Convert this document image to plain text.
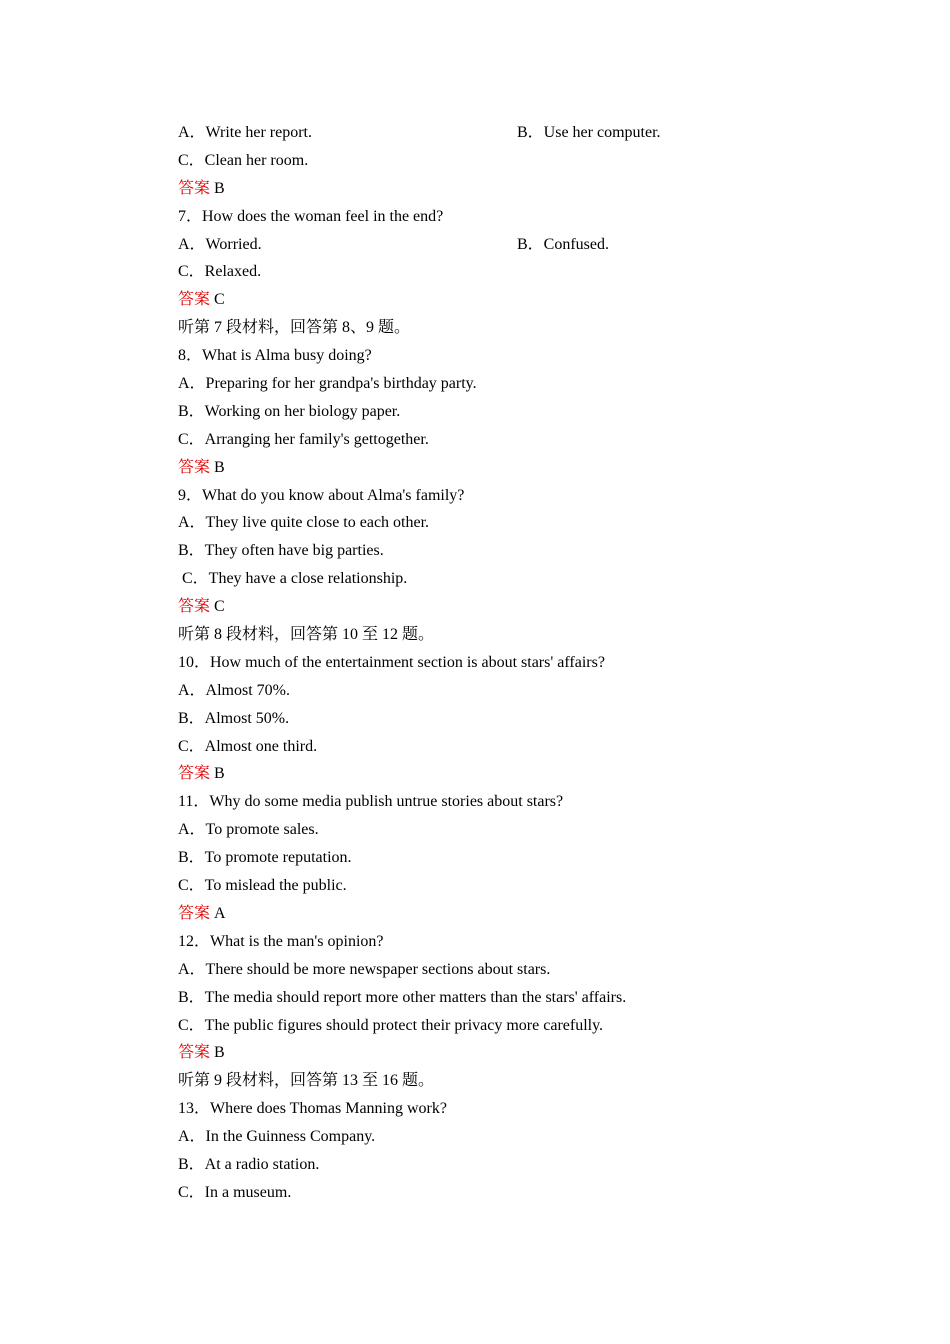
A．Write her report.	B．Use her computer.
C．Clean her room.
答案 B
7．How does the woman feel in the end?
A．Worried.	B．Confused.
C．Relaxed.
答案 C
听第 7 段材料，回答第 8、9 题。
8．What is Alma busy doing?
A．Preparing for her grandpa's birthday party.
B．Working on her biology paper.
C．Arranging her family's gettogether.
答案 B
9．What do you know about Alma's family?
A．They live quite close to each other.
B．They often have big parties.
C．They have a close relationship.
答案 C
听第 8 段材料，回答第 10 至 12 题。
10．How much of the entertainment section is about stars' affairs?
A．Almost 70%.
B．Almost 50%.
C．Almost one third.
答案 B
11．Why do some media publish untrue stories about stars?
A．To promote sales.
B．To promote reputation.
C．To mislead the public.
答案 A
12．What is the man's opinion?
A．There should be more newspaper sections about stars.
B．The media should report more other matters than the stars' affairs.
C．The public figures should protect their privacy more carefully.
答案 B
听第 9 段材料，回答第 13 至 16 题。
13．Where does Thomas Manning work?
A．In the Guinness Company.
B．At a radio station.
C．In a museum.
